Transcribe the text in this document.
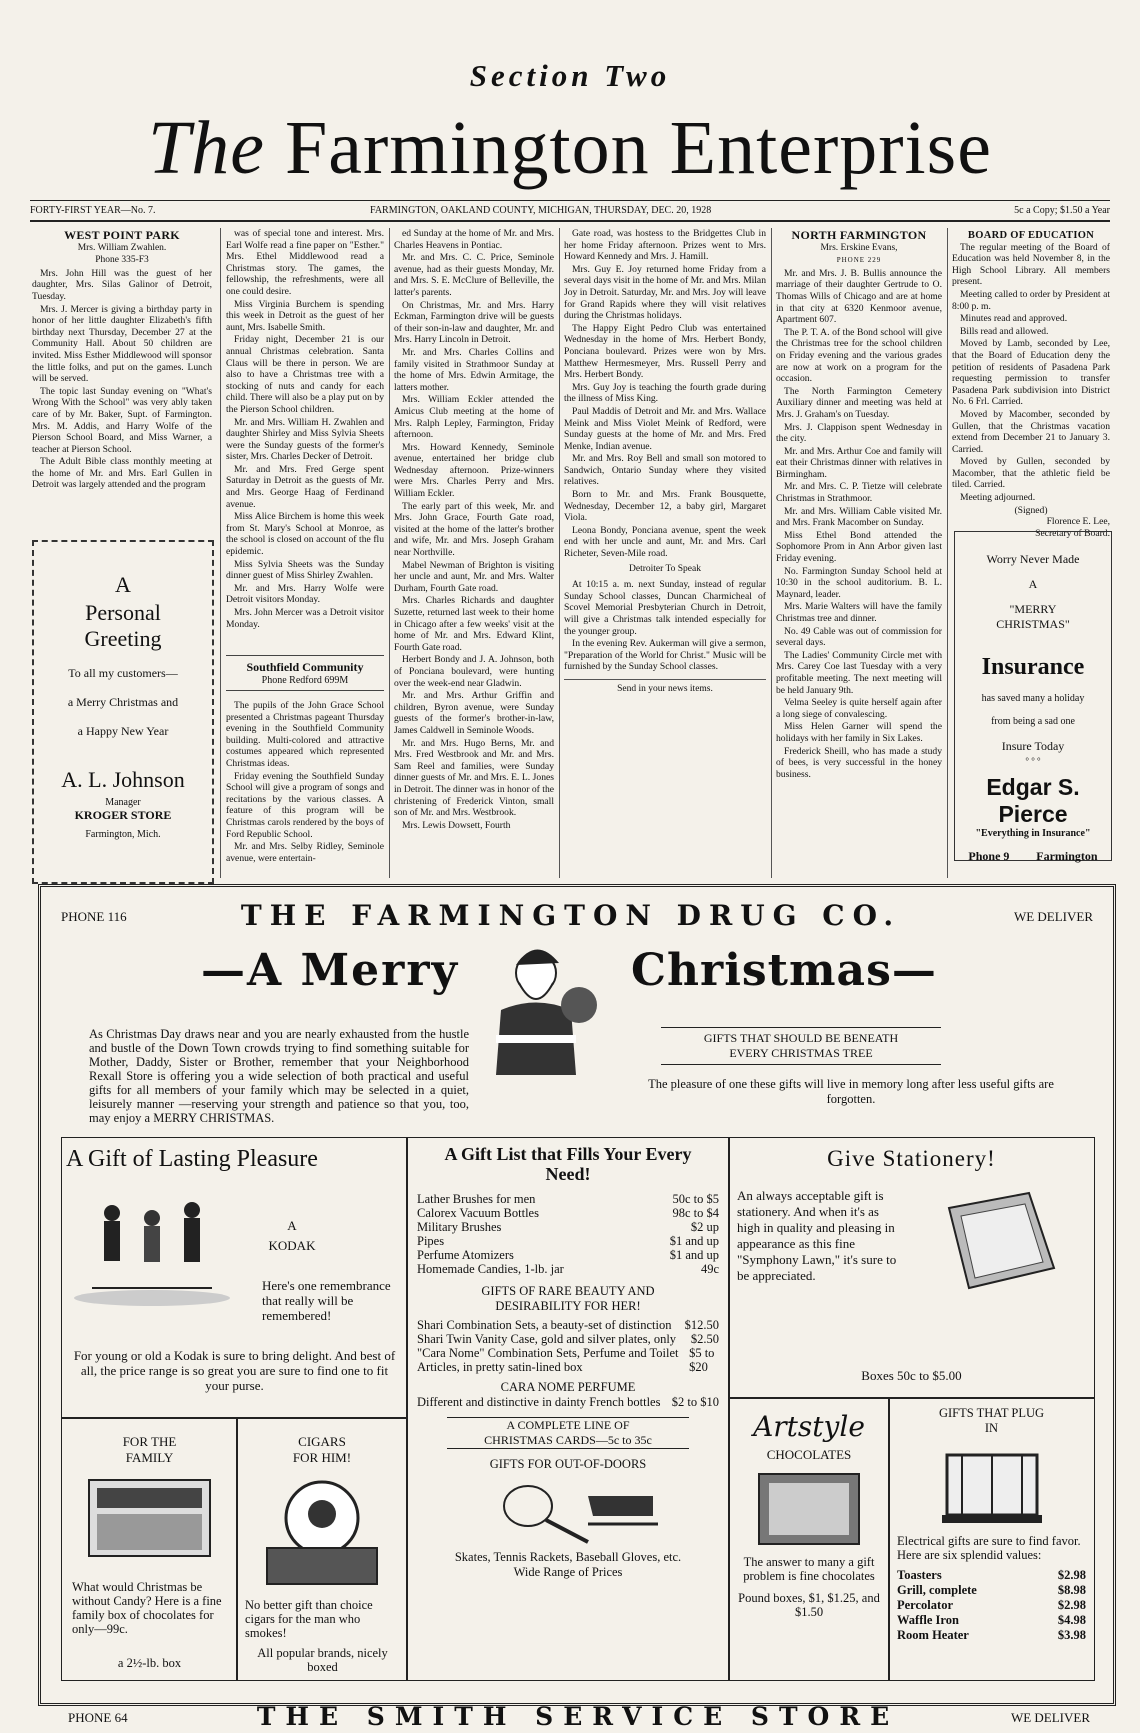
Section Two
The Farmington Enterprise
FORTY-FIRST YEAR—No. 7.	FARMINGTON, OAKLAND COUNTY, MICHIGAN, THURSDAY, DEC. 20, 1928	5c a Copy; $1.50 a Year
WEST POINT PARK
Mrs. William Zwahlen.
Phone 335-F3

Mrs. John Hill was the guest of her daughter, Mrs. Silas Galinor of Detroit, Tuesday.

Mrs. J. Mercer is giving a birthday party in honor of her little daughter Elizabeth's fifth birthday next Thursday, December 27 at the Community Hall. About 50 children are invited. Miss Esther Middlewood will sponsor the little folks, and put on the games. Lunch will be served.

The topic last Sunday evening on "What's Wrong With the School" was very ably taken care of by Mr. Baker, Supt. of Farmington. Mrs. M. Addis, and Harry Wolfe of the Pierson School Board, and Miss Warner, a teacher at Pierson School.

The Adult Bible class monthly meeting at the home of Mr. and Mrs. Earl Gullen in Detroit was largely attended and the program

A
Personal Greeting
To all my customers—
a Merry Christmas and
a Happy New Year
A. L. Johnson
Manager
KROGER STORE
Farmington, Mich.

was of special tone and interest. Mrs. Earl Wolfe read a fine paper on "Esther." Mrs. Ethel Middlewood read a Christmas story. The games, the fellowship, the refreshments, were all one could desire.

Miss Virginia Burchem is spending this week in Detroit as the guest of her aunt, Mrs. Isabelle Smith.

Friday night, December 21 is our annual Christmas celebration. Santa Claus will be there in person. We are also to have a Christmas tree with a stocking of nuts and candy for each child. There will also be a play put on by the Pierson School children.

Mr. and Mrs. William H. Zwahlen and daughter Shirley and Miss Sylvia Sheets were the Sunday guests of the former's sister, Mrs. Charles Decker of Detroit.

Mr. and Mrs. Fred Gerge spent Saturday in Detroit as the guests of Mr. and Mrs. George Haag of Ferdinand avenue.

Miss Alice Birchem is home this week from St. Mary's School at Monroe, as the school is closed on account of the flu epidemic.

Miss Sylvia Sheets was the Sunday dinner guest of Miss Shirley Zwahlen.

Mr. and Mrs. Harry Wolfe were Detroit visitors Monday.

Mrs. John Mercer was a Detroit visitor Monday.

Southfield Community
Phone Redford 699M

The pupils of the John Grace School presented a Christmas pageant Thursday evening in the Southfield Community building. Multi-colored and attractive costumes appeared which represented Christmas ideas.

Friday evening the Southfield Sunday School will give a program of songs and recitations by the various classes. A feature of this program will be Christmas carols rendered by the boys of Ford Republic School.

Mr. and Mrs. Selby Ridley, Seminole avenue, were entertain-

ed Sunday at the home of Mr. and Mrs. Charles Heavens in Pontiac.

Mr. and Mrs. C. C. Price, Seminole avenue, had as their guests Monday, Mr. and Mrs. S. E. McClure of Belleville, the latter's parents.

On Christmas, Mr. and Mrs. Harry Eckman, Farmington drive will be guests of their son-in-law and daughter, Mr. and Mrs. Harry Lincoln in Detroit.

Mr. and Mrs. Charles Collins and family visited in Strathmoor Sunday at the home of Mrs. Edwin Armitage, the latters mother.

Mrs. William Eckler attended the Amicus Club meeting at the home of Mrs. Ralph Lepley, Farmington, Friday afternoon.

Mrs. Howard Kennedy, Seminole avenue, entertained her bridge club Wednesday afternoon. Prize-winners were Mrs. Charles Perry and Mrs. William Eckler.

The early part of this week, Mr. and Mrs. John Grace, Fourth Gate road, visited at the home of the latter's brother and wife, Mr. and Mrs. Joseph Graham near Northville.

Mabel Newman of Brighton is visiting her uncle and aunt, Mr. and Mrs. Walter Durham, Fourth Gate road.

Mrs. Charles Richards and daughter Suzette, returned last week to their home in Chicago after a few weeks' visit at the home of Mr. and Mrs. Edward Klint, Fourth Gate road.

Herbert Bondy and J. A. Johnson, both of Ponciana boulevard, were hunting over the week-end near Gladwin.

Mr. and Mrs. Arthur Griffin and children, Byron avenue, were Sunday guests of the former's brother-in-law, James Caldwell in Seminole Woods.

Mr. and Mrs. Hugo Berns, Mr. and Mrs. Fred Westbrook and Mr. and Mrs. Sam Reel and families, were Sunday dinner guests of Mr. and Mrs. E. L. Jones in Detroit. The dinner was in honor of the christening of Frederick Vinton, small son of Mr. and Mrs. Westbrook.

Mrs. Lewis Dowsett, Fourth

Gate road, was hostess to the Bridgettes Club in her home Friday afternoon. Prizes went to Mrs. Howard Kennedy and Mrs. J. Hamill.

Mrs. Guy E. Joy returned home Friday from a several days visit in the home of Mr. and Mrs. Milan Joy in Detroit. Saturday, Mr. and Mrs. Joy will leave for Grand Rapids where they will visit relatives during the Christmas holidays.

The Happy Eight Pedro Club was entertained Wednesday in the home of Mrs. Herbert Bondy, Ponciana boulevard. Prizes were won by Mrs. Matthew Hermesmeyer, Mrs. Russell Perry and Mrs. Herbert Bondy.

Mrs. Guy Joy is teaching the fourth grade during the illness of Miss King.

Paul Maddis of Detroit and Mr. and Mrs. Wallace Meink and Miss Violet Meink of Redford, were Sunday guests at the home of Mr. and Mrs. Fred Menke, Indian avenue.

Mr. and Mrs. Roy Bell and small son motored to Sandwich, Ontario Sunday where they visited relatives.

Born to Mr. and Mrs. Frank Bousquette, Wednesday, December 12, a baby girl, Margaret Viola.

Leona Bondy, Ponciana avenue, spent the week end with her uncle and aunt, Mr. and Mrs. Carl Richeter, Seven-Mile road.

Detroiter To Speak

At 10:15 a. m. next Sunday, instead of regular Sunday School classes, Duncan Charmicheal of Scovel Memorial Presbyterian Church in Detroit, will give a Christmas talk intended especially for the younger group.

In the evening Rev. Aukerman will give a sermon, "Preparation of the World for Christ." Music will be furnished by the Sunday School classes.

Send in your news items.
NORTH FARMINGTON
Mrs. Erskine Evans,
PHONE 229

Mr. and Mrs. J. B. Bullis announce the marriage of their daughter Gertrude to O. Thomas Wills of Chicago and are at home in that city at 6320 Kenmoor avenue, Apartment 607.

The P. T. A. of the Bond school will give the Christmas tree for the school children on Friday evening and the various grades are now at work on a program for the occasion.

The North Farmington Cemetery Auxiliary dinner and meeting was held at Mrs. J. Graham's on Tuesday.

Mrs. J. Clappison spent Wednesday in the city.

Mr. and Mrs. Arthur Coe and family will eat their Christmas dinner with relatives in Birmingham.

Mr. and Mrs. C. P. Tietze will celebrate Christmas in Strathmoor.

Mr. and Mrs. William Cable visited Mr. and Mrs. Frank Macomber on Sunday.

Miss Ethel Bond attended the Sophomore Prom in Ann Arbor given last Friday evening.

No. Farmington Sunday School held at 10:30 in the school auditorium. B. L. Maynard, leader.

Mrs. Marie Walters will have the family Christmas tree and dinner.

No. 49 Cable was out of commission for several days.

The Ladies' Community Circle met with Mrs. Carey Coe last Tuesday with a very profitable meeting. The next meeting will be held January 9th.

Velma Seeley is quite herself again after a long siege of convalescing.

Miss Helen Garner will spend the holidays with her family in Six Lakes.

Frederick Sheill, who has made a study of bees, is very successful in the honey business.

BOARD OF EDUCATION

The regular meeting of the Board of Education was held November 8, in the High School Library. All members present.

Meeting called to order by President at 8:00 p. m.

Minutes read and approved.

Bills read and allowed.

Moved by Lamb, seconded by Lee, that the Board of Education deny the petition of residents of Pasadena Park requesting permission to transfer Pasadena Park subdivision into District No. 6 Frl. Carried.

Moved by Macomber, seconded by Gullen, that the Christmas vacation extend from December 21 to January 3. Carried.

Moved by Gullen, seconded by Macomber, that the athletic field be tiled. Carried.

Meeting adjourned.

(Signed)
Florence E. Lee,
Secretary of Board.
Worry Never Made
A
"MERRY
CHRISTMAS"
Insurance
has saved many a holiday
from being a sad one
Insure Today
° ° °
Edgar S. Pierce
"Everything in Insurance"
Phone 9 Farmington
PHONE 116	THE FARMINGTON DRUG CO.	WE DELIVER
—A Merry	Christmas—
As Christmas Day draws near and you are nearly exhausted from the hustle and bustle of the Down Town crowds trying to find something suitable for Mother, Daddy, Sister or Brother, remember that your Neighborhood Rexall Store is offering you a wide selection of both practical and useful gifts for all members of your family which may be selected in a quiet, leisurely manner —reserving your strength and patience so that you, too, may enjoy a MERRY CHRISTMAS.
GIFTS THAT SHOULD BE BENEATH
EVERY CHRISTMAS TREE
The pleasure of one these gifts will live in memory long after less useful gifts are forgotten.
A Gift of Lasting Pleasure
A
KODAK
Here's one remembrance that really will be remembered!
For young or old a Kodak is sure to bring delight. And best of all, the price range is so great you are sure to find one to fit your purse.
FOR THE
FAMILY
What would Christmas be without Candy? Here is a fine family box of chocolates for only—99c.
a 2½-lb. box
CIGARS
FOR HIM!
No better gift than choice cigars for the man who smokes!
All popular brands, nicely boxed
A Gift List that Fills Your Every Need!
Lather Brushes for men	50c to $5
Calorex Vacuum Bottles	98c to $4
Military Brushes	$2 up
Pipes	$1 and up
Perfume Atomizers	$1 and up
Homemade Candies, 1-lb. jar	49c
GIFTS OF RARE BEAUTY AND
DESIRABILITY FOR HER!
Shari Combination Sets, a beauty-set of distinction $12.50
Shari Twin Vanity Case, gold and silver plates, only $2.50
"Cara Nome" Combination Sets, Perfume and Toilet Articles, in pretty satin-lined box
$5 to $20
CARA NOME PERFUME
Different and distinctive in dainty French bottles $2 to $10
A COMPLETE LINE OF
CHRISTMAS CARDS—5c to 35c
GIFTS FOR OUT-OF-DOORS
Skates, Tennis Rackets, Baseball Gloves, etc.
Wide Range of Prices
Give Stationery!
An always acceptable gift is stationery. And when it's as high in quality and pleasing in appearance as this fine "Symphony Lawn," it's sure to be appreciated.
Boxes 50c to $5.00
Artstyle
CHOCOLATES
The answer to many a gift problem is fine chocolates
Pound boxes, $1, $1.25, and $1.50
GIFTS THAT PLUG
IN
Electrical gifts are sure to find favor. Here are six splendid values:
Toasters	$2.98
Grill, complete	$8.98
Percolator	$2.98
Waffle Iron	$4.98
Room Heater	$3.98
PHONE 64	THE SMITH SERVICE STORE	WE DELIVER
